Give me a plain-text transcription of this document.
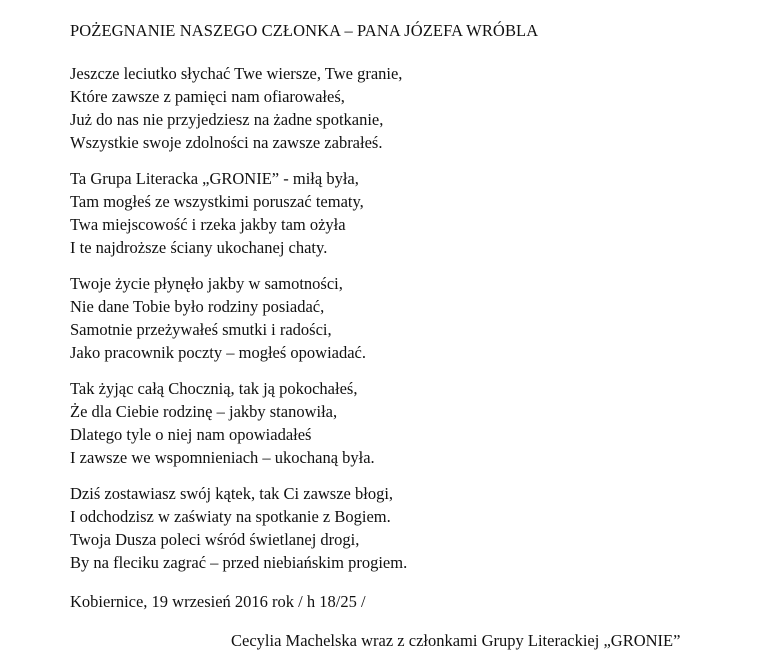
POŻEGNANIE NASZEGO CZŁONKA – PANA JÓZEFA WRÓBLA
Jeszcze leciutko słychać Twe wiersze, Twe granie,
Które zawsze z pamięci nam ofiarowałeś,
Już do nas nie przyjedziesz na żadne spotkanie,
Wszystkie swoje zdolności na zawsze zabrałeś.
Ta Grupa Literacka „GRONIE” - miłą była,
Tam mogłeś ze wszystkimi poruszać tematy,
Twa miejscowość i rzeka jakby tam ożyła
I te najdroższe ściany ukochanej chaty.
Twoje życie płynęło jakby w samotności,
Nie dane Tobie było rodziny posiadać,
Samotnie przeżywałeś smutki i radości,
Jako pracownik poczty – mogłeś opowiadać.
Tak żyjąc całą Chocznią, tak ją pokochałeś,
Że dla Ciebie rodzinę – jakby stanowiła,
Dlatego tyle o niej nam opowiadałeś
I zawsze we wspomnieniach – ukochaną była.
Dziś zostawiasz swój kątek, tak Ci zawsze błogi,
I odchodzisz w zaświaty na spotkanie z Bogiem.
Twoja Dusza poleci wśród świetlanej drogi,
By na fleciku zagrać – przed niebiańskim progiem.

Kobiernice, 19 wrzesień 2016 rok / h 18/25 /

Cecylia Machelska wraz z członkami Grupy Literackiej „GRONIE”
